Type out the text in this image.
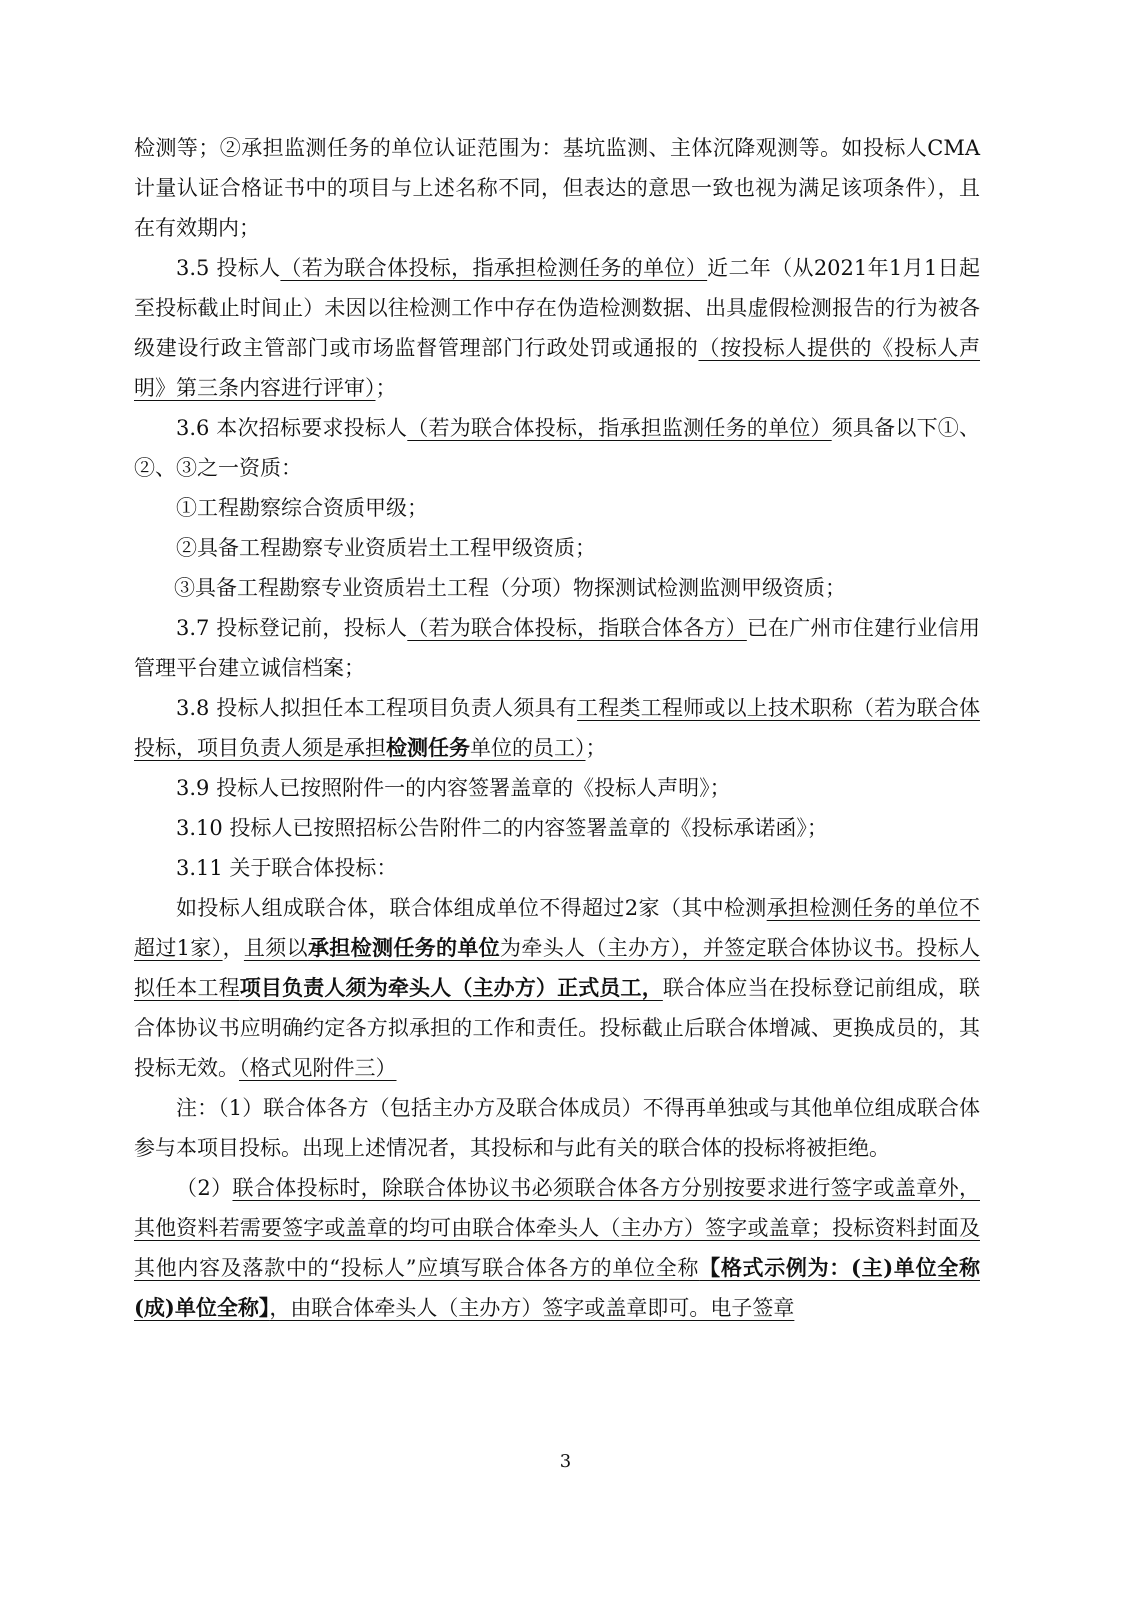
检测等；②承担监测任务的单位认证范围为：基坑监测、主体沉降观测等。如投标人CMA计量认证合格证书中的项目与上述名称不同，但表达的意思一致也视为满足该项条件），且在有效期内；

3.5 投标人（若为联合体投标，指承担检测任务的单位）近二年（从2021年1月1日起至投标截止时间止）未因以往检测工作中存在伪造检测数据、出具虚假检测报告的行为被各级建设行政主管部门或市场监督管理部门行政处罚或通报的（按投标人提供的《投标人声明》第三条内容进行评审）；

3.6 本次招标要求投标人（若为联合体投标，指承担监测任务的单位）须具备以下①、②、③之一资质：

①工程勘察综合资质甲级；

②具备工程勘察专业资质岩土工程甲级资质；

③具备工程勘察专业资质岩土工程（分项）物探测试检测监测甲级资质；

3.7 投标登记前，投标人（若为联合体投标，指联合体各方）已在广州市住建行业信用管理平台建立诚信档案；

3.8 投标人拟担任本工程项目负责人须具有工程类工程师或以上技术职称（若为联合体投标，项目负责人须是承担检测任务单位的员工）；

3.9 投标人已按照附件一的内容签署盖章的《投标人声明》；

3.10 投标人已按照招标公告附件二的内容签署盖章的《投标承诺函》；

3.11 关于联合体投标：

如投标人组成联合体，联合体组成单位不得超过2家（其中检测承担检测任务的单位不超过1家），且须以承担检测任务的单位为牵头人（主办方），并签定联合体协议书。投标人拟任本工程项目负责人须为牵头人（主办方）正式员工，联合体应当在投标登记前组成，联合体协议书应明确约定各方拟承担的工作和责任。投标截止后联合体增减、更换成员的，其投标无效。（格式见附件三）

注：（1）联合体各方（包括主办方及联合体成员）不得再单独或与其他单位组成联合体参与本项目投标。出现上述情况者，其投标和与此有关的联合体的投标将被拒绝。

（2）联合体投标时，除联合体协议书必须联合体各方分别按要求进行签字或盖章外，其他资料若需要签字或盖章的均可由联合体牵头人（主办方）签字或盖章；投标资料封面及其他内容及落款中的“投标人”应填写联合体各方的单位全称【格式示例为：(主)单位全称(成)单位全称】，由联合体牵头人（主办方）签字或盖章即可。电子签章

3
